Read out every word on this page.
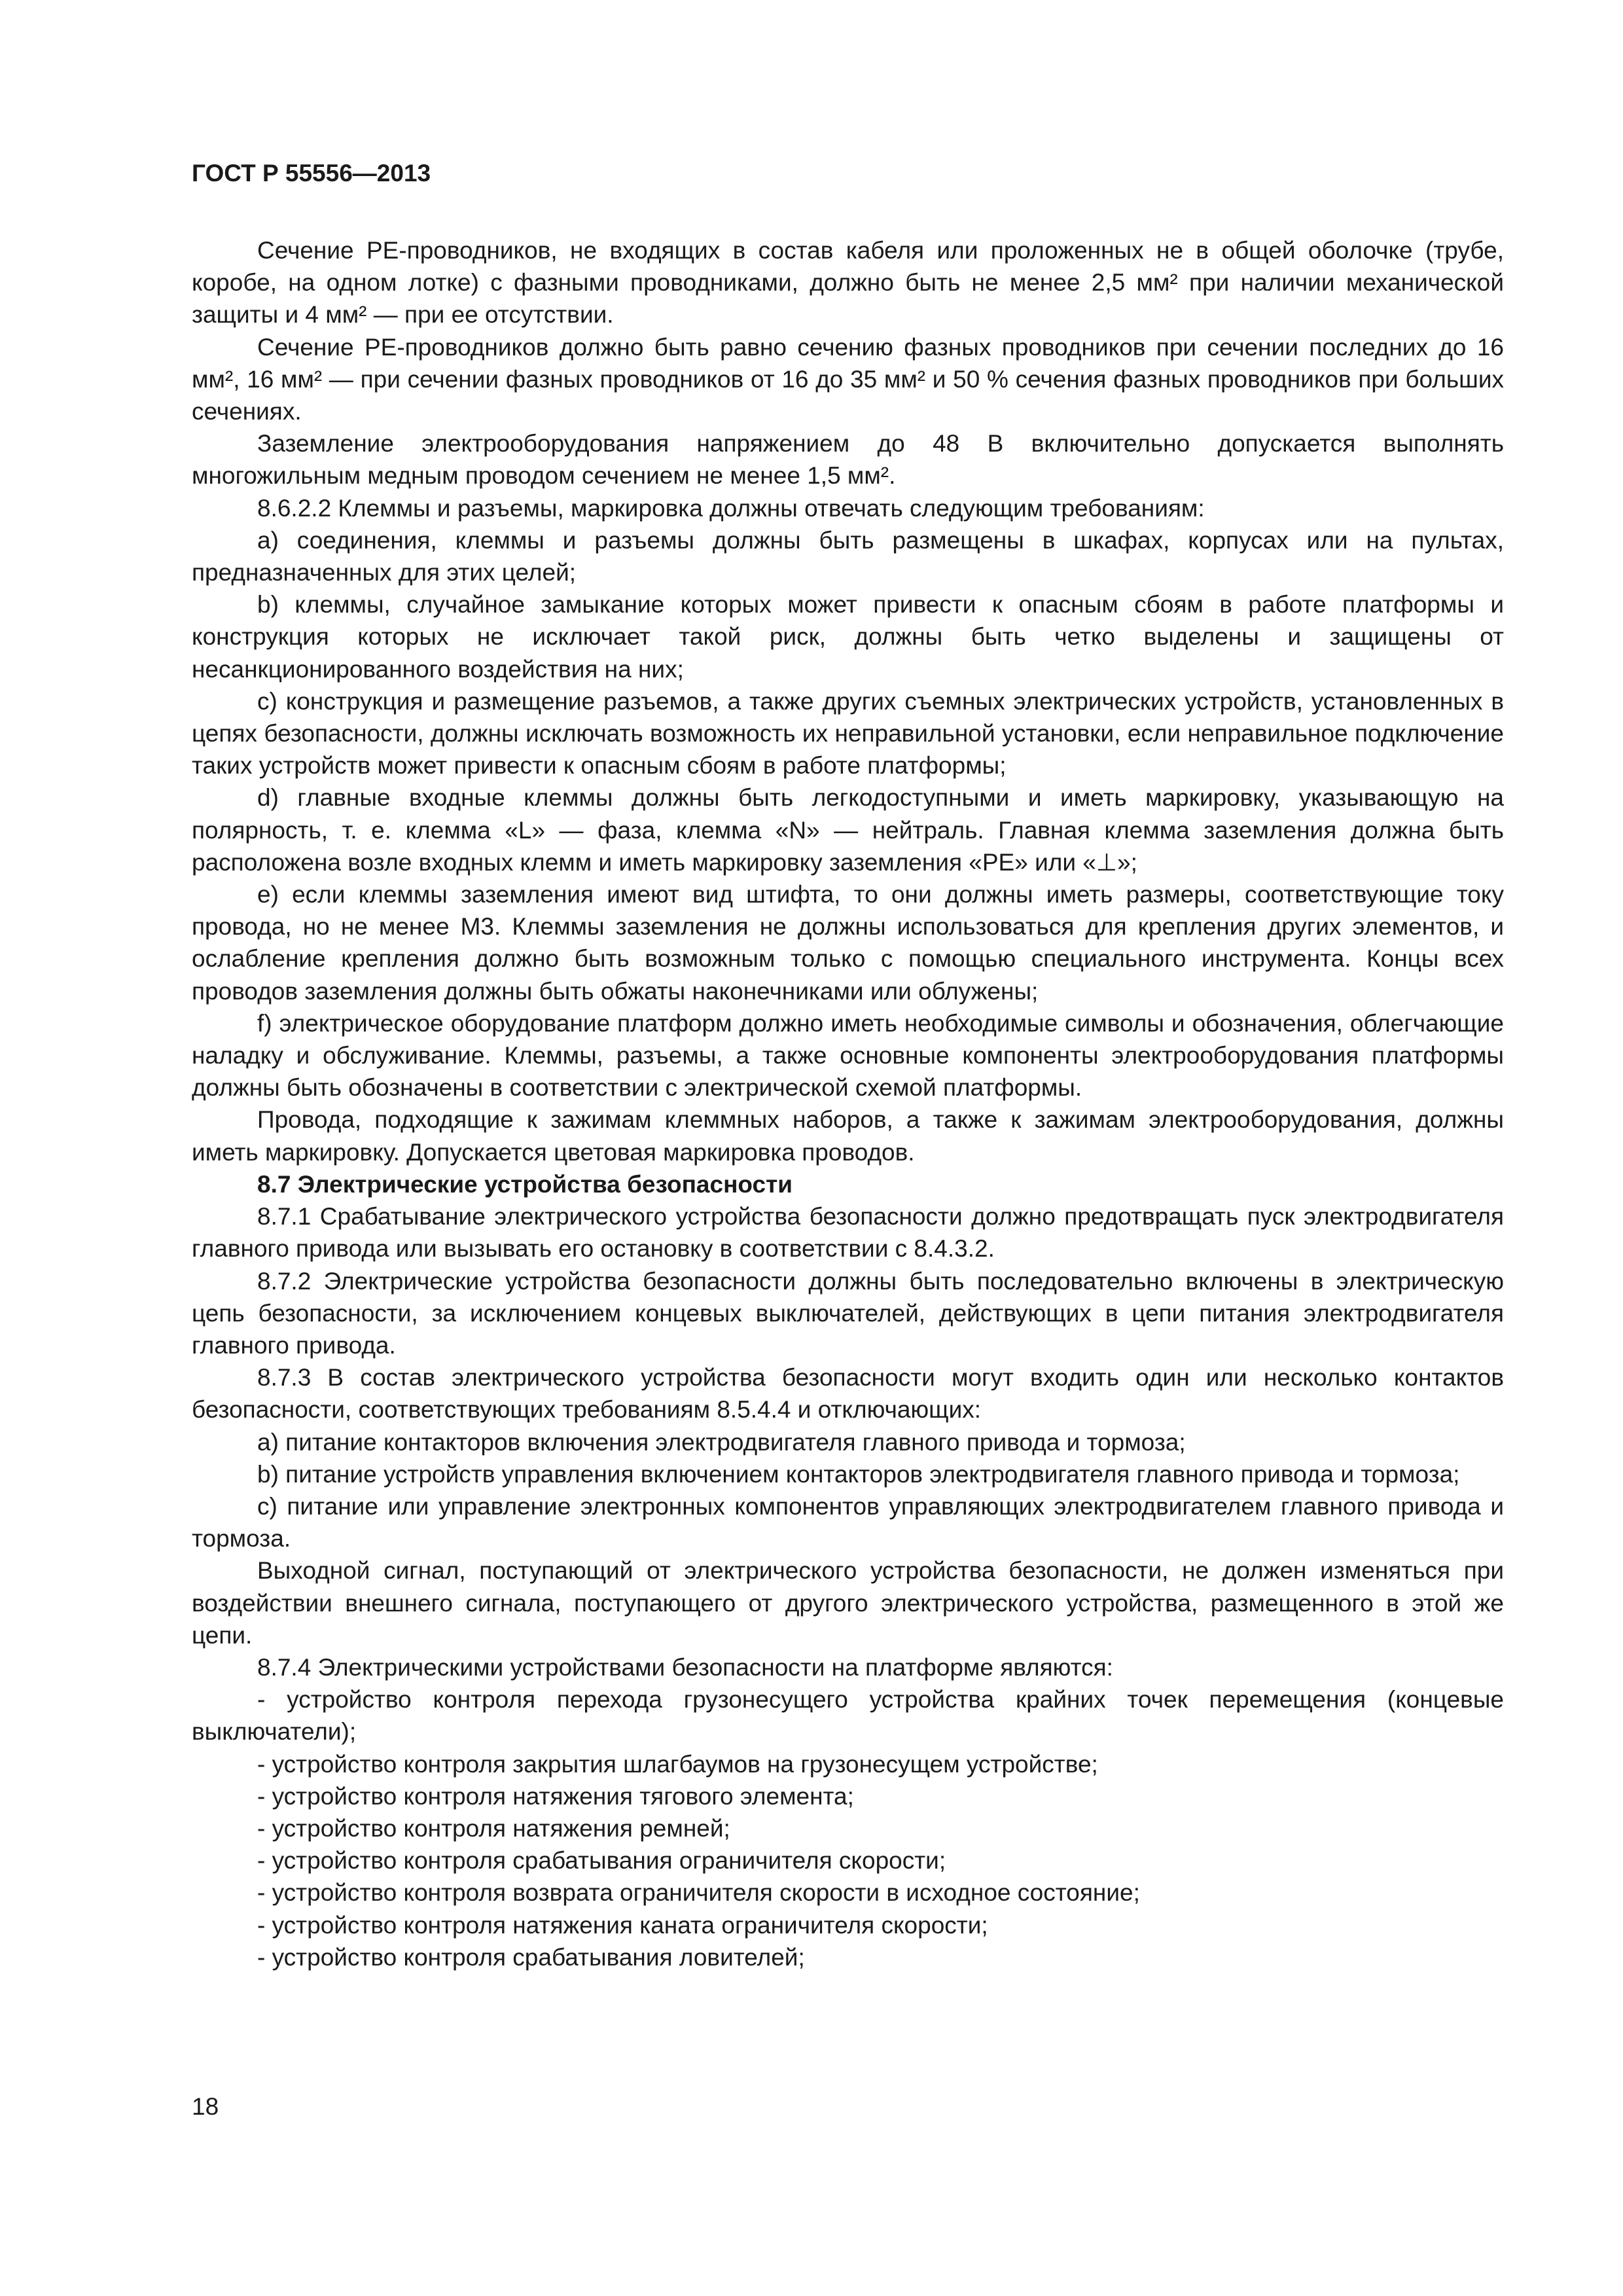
ГОСТ Р 55556—2013

Сечение PE-проводников, не входящих в состав кабеля или проложенных не в общей оболочке (трубе, коробе, на одном лотке) с фазными проводниками, должно быть не менее 2,5 мм² при наличии механической защиты и 4 мм² — при ее отсутствии.

Сечение PE-проводников должно быть равно сечению фазных проводников при сечении последних до 16 мм², 16 мм² — при сечении фазных проводников от 16 до 35 мм² и 50 % сечения фазных проводников при больших сечениях.

Заземление электрооборудования напряжением до 48 В включительно допускается выполнять многожильным медным проводом сечением не менее 1,5 мм².

8.6.2.2 Клеммы и разъемы, маркировка должны отвечать следующим требованиям:

a) соединения, клеммы и разъемы должны быть размещены в шкафах, корпусах или на пультах, предназначенных для этих целей;

b) клеммы, случайное замыкание которых может привести к опасным сбоям в работе платформы и конструкция которых не исключает такой риск, должны быть четко выделены и защищены от несанкционированного воздействия на них;

c) конструкция и размещение разъемов, а также других съемных электрических устройств, установленных в цепях безопасности, должны исключать возможность их неправильной установки, если неправильное подключение таких устройств может привести к опасным сбоям в работе платформы;

d) главные входные клеммы должны быть легкодоступными и иметь маркировку, указывающую на полярность, т. е. клемма «L» — фаза, клемма «N» — нейтраль. Главная клемма заземления должна быть расположена возле входных клемм и иметь маркировку заземления «PE» или «⊥»;

e) если клеммы заземления имеют вид штифта, то они должны иметь размеры, соответствующие току провода, но не менее М3. Клеммы заземления не должны использоваться для крепления других элементов, и ослабление крепления должно быть возможным только с помощью специального инструмента. Концы всех проводов заземления должны быть обжаты наконечниками или облужены;

f) электрическое оборудование платформ должно иметь необходимые символы и обозначения, облегчающие наладку и обслуживание. Клеммы, разъемы, а также основные компоненты электрооборудования платформы должны быть обозначены в соответствии с электрической схемой платформы.

Провода, подходящие к зажимам клеммных наборов, а также к зажимам электрооборудования, должны иметь маркировку. Допускается цветовая маркировка проводов.

8.7 Электрические устройства безопасности

8.7.1 Срабатывание электрического устройства безопасности должно предотвращать пуск электродвигателя главного привода или вызывать его остановку в соответствии с 8.4.3.2.

8.7.2 Электрические устройства безопасности должны быть последовательно включены в электрическую цепь безопасности, за исключением концевых выключателей, действующих в цепи питания электродвигателя главного привода.

8.7.3 В состав электрического устройства безопасности могут входить один или несколько контактов безопасности, соответствующих требованиям 8.5.4.4 и отключающих:

a) питание контакторов включения электродвигателя главного привода и тормоза;

b) питание устройств управления включением контакторов электродвигателя главного привода и тормоза;

c) питание или управление электронных компонентов управляющих электродвигателем главного привода и тормоза.

Выходной сигнал, поступающий от электрического устройства безопасности, не должен изменяться при воздействии внешнего сигнала, поступающего от другого электрического устройства, размещенного в этой же цепи.

8.7.4 Электрическими устройствами безопасности на платформе являются:

- устройство контроля перехода грузонесущего устройства крайних точек перемещения (концевые выключатели);

- устройство контроля закрытия шлагбаумов на грузонесущем устройстве;

- устройство контроля натяжения тягового элемента;

- устройство контроля натяжения ремней;

- устройство контроля срабатывания ограничителя скорости;

- устройство контроля возврата ограничителя скорости в исходное состояние;

- устройство контроля натяжения каната ограничителя скорости;

- устройство контроля срабатывания ловителей;

18
